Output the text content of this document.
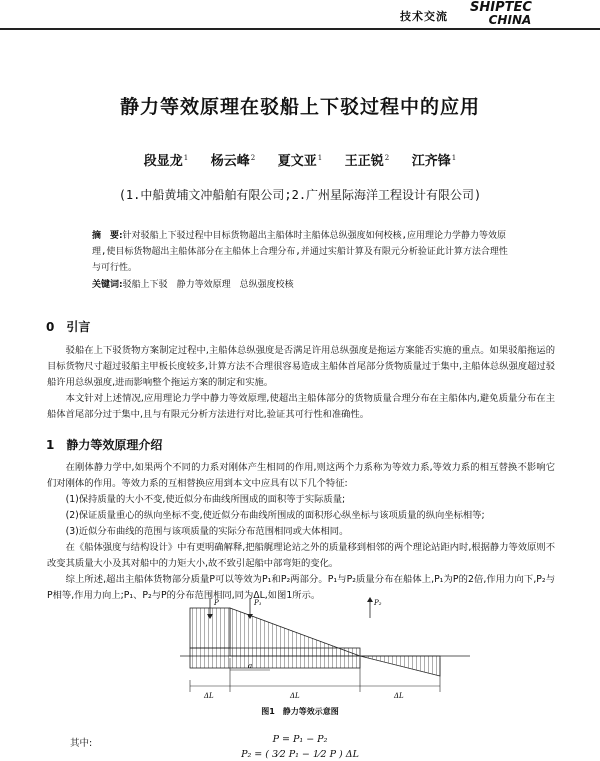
技术交流
SHIPTEC
CHINA
静力等效原理在驳船上下驳过程中的应用
段显龙$^1$ 杨云峰$^2$ 夏文亚$^1$ 王正锐$^2$ 江齐锋$^1$
(1.中船黄埔文冲船舶有限公司;2.广州星际海洋工程设计有限公司)
摘　要:针对驳船上下驳过程中目标货物超出主船体时主船体总纵强度如何校核,应用理论力学静力等效原理,使目标货物超出主船体部分在主船体上合理分布,并通过实船计算及有限元分析验证此计算方法合理性与可行性。
关键词:驳船上下驳　静力等效原理　总纵强度校核
0　引言

驳船在上下驳货物方案制定过程中,主船体总纵强度是否满足许用总纵强度是拖运方案能否实施的重点。如果驳船拖运的目标货物尺寸超过驳船主甲板长度较多,计算方法不合理很容易造成主船体首尾部分货物质量过于集中,主船体总纵强度超过驳船许用总纵强度,进而影响整个拖运方案的制定和实施。

本文针对上述情况,应用理论力学中静力等效原理,使超出主船体部分的货物质量合理分布在主船体内,避免质量分布在主船体首尾部分过于集中,且与有限元分析方法进行对比,验证其可行性和准确性。

1　静力等效原理介绍

在刚体静力学中,如果两个不同的力系对刚体产生相同的作用,则这两个力系称为等效力系,等效力系的相互替换不影响它们对刚体的作用。等效力系的互相替换应用到本文中应具有以下几个特征:

(1)保持质量的大小不变,使近似分布曲线所围成的面积等于实际质量;

(2)保证质量重心的纵向坐标不变,使近似分布曲线所围成的面积形心纵坐标与该项质量的纵向坐标相等;

(3)近似分布曲线的范围与该项质量的实际分布范围相同或大体相同。

在《船体强度与结构设计》中有更明确解释,把船艉理论站之外的质量移到相邻的两个理论站距内时,根据静力等效原则不改变其质量大小及其对船中的力矩大小,故不致引起船中部弯矩的变化。

综上所述,超出主船体货物部分质量P可以等效为P₁和P₂两部分。P₁与P₂质量分布在船体上,P₁为P的2倍,作用力向下,P₂与P相等,作用力向上;P₁、P₂与P的分布范围相同,同为ΔL,如图1所示。

P	P₁	P₂
a
ΔL	ΔL	ΔL
图1　静力等效示意图
其中:	P = P₁ − P₂
P₂ = ( 3⁄2 P₁ − 1⁄2 P ) ΔL
